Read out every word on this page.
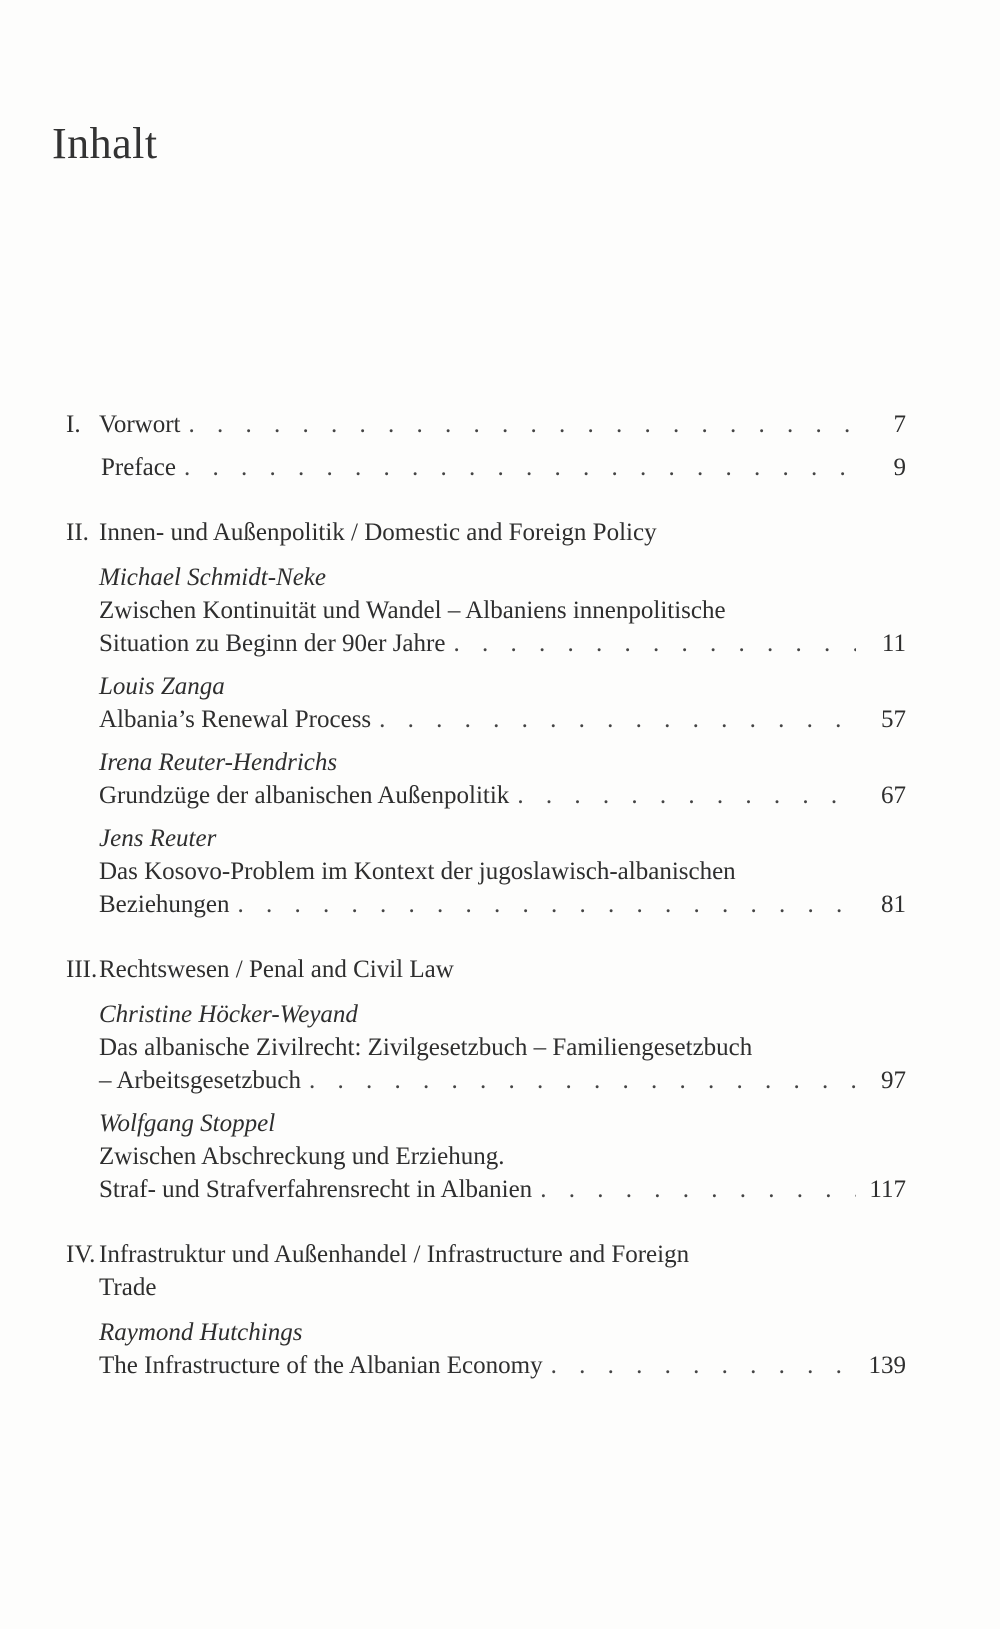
Inhalt
I. Vorwort . . .	7
Preface . . .	9
II. Innen- und Außenpolitik / Domestic and Foreign Policy
Michael Schmidt-Neke
Zwischen Kontinuität und Wandel – Albaniens innenpolitische
Situation zu Beginn der 90er Jahre . . .	11
Louis Zanga
Albania’s Renewal Process . . .	57
Irena Reuter-Hendrichs
Grundzüge der albanischen Außenpolitik . . .	67
Jens Reuter
Das Kosovo-Problem im Kontext der jugoslawisch-albanischen
Beziehungen . . .	81
III. Rechtswesen / Penal and Civil Law
Christine Höcker-Weyand
Das albanische Zivilrecht: Zivilgesetzbuch – Familiengesetzbuch
– Arbeitsgesetzbuch . . .	97
Wolfgang Stoppel
Zwischen Abschreckung und Erziehung.
Straf- und Strafverfahrensrecht in Albanien . . .	117
IV. Infrastruktur und Außenhandel / Infrastructure and Foreign
Trade
Raymond Hutchings
The Infrastructure of the Albanian Economy . . .	139
